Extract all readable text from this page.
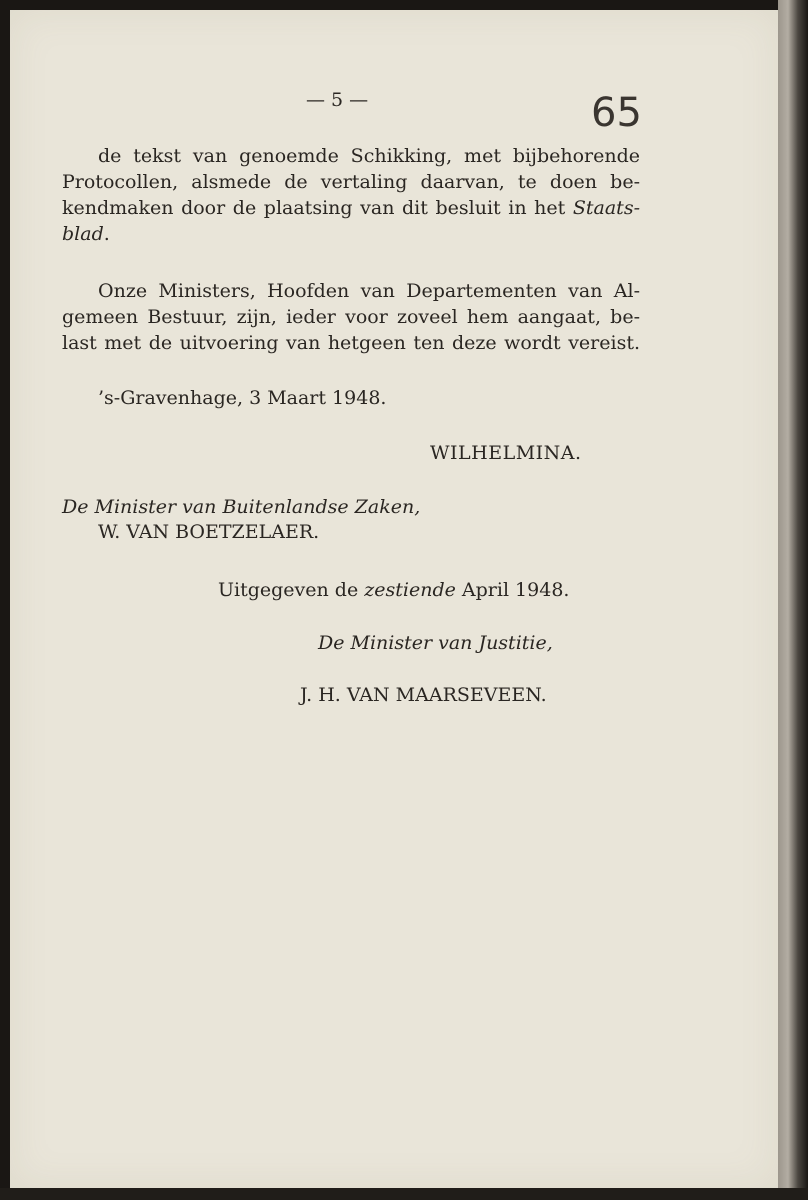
— 5 —	65
de tekst van genoemde Schikking, met bijbehorende
Protocollen, alsmede de vertaling daarvan, te doen be-
kendmaken door de plaatsing van dit besluit in het Staats-
blad.
Onze Ministers, Hoofden van Departementen van Al-
gemeen Bestuur, zijn, ieder voor zoveel hem aangaat, be-
last met de uitvoering van hetgeen ten deze wordt vereist.
’s-Gravenhage, 3 Maart 1948.
WILHELMINA.
De Minister van Buitenlandse Zaken,
W. VAN BOETZELAER.
Uitgegeven de zestiende April 1948.
De Minister van Justitie,
J. H. VAN MAARSEVEEN.
